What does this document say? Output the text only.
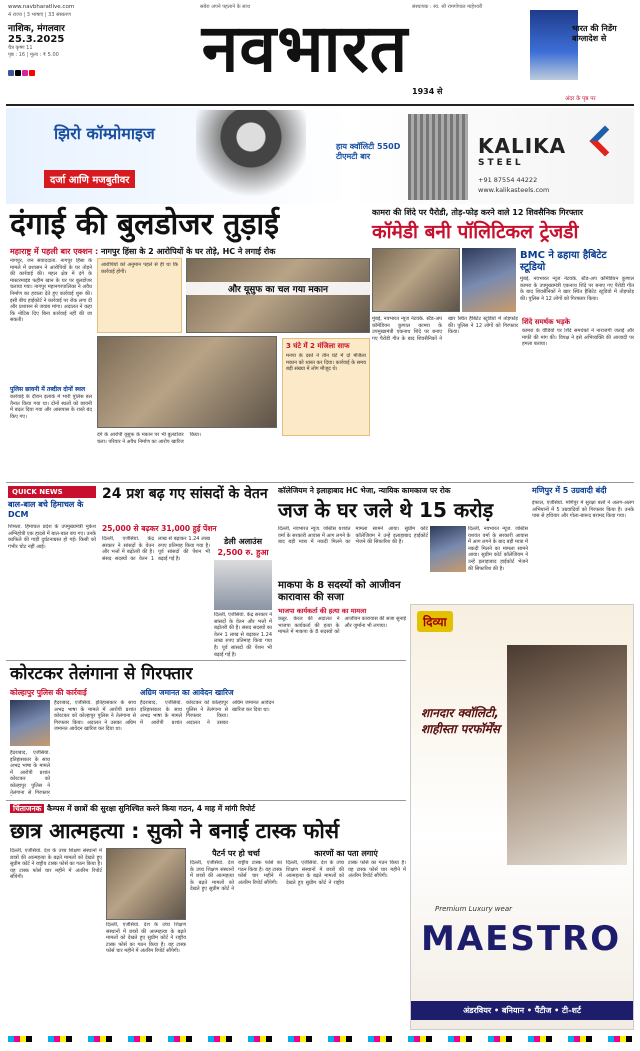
www.navbharatlive.com
4 राज्य | 3 भाषाएं | 33 संस्करण
नाशिक, मंगलवार
25.3.2025
चैत्र कृष्ण 11
पृष्ठ : 16 | मूल्य : ₹ 5.00
सबेरा अपने पहलाने के साथ	संस्थापक : स्व. श्री रामगोपाल माहेश्वरी
नवभारत
1934 से
भारत की निडेंग बांग्लादेश से
अंदर के पृष्ठ पर
झिरो कॉम्प्रोमाइज
दर्जा आणि मजबुतीवर
हाय क्वॉलिटी 550D टीएमटी बार	KALIKA
STEEL
+91 87554 44222
www.kalikasteels.com
दंगाई की बुलडोजर तुड़ाई
महाराष्ट्र में पहली बार एक्शन : नागपुर हिंसा के 2 आरोपियों के घर तोड़े, HC ने लगाई रोक
नागपुर, जन संवाददाता. नागपुर हिंसा के मामले में प्रशासन ने आरोपियों के घर तोड़ने की कार्रवाई की। महल क्षेत्र में दंगे के मास्टरमाइंड फहीम खान के घर पर बुलडोजर चलाया गया। नागपुर महानगरपालिका ने अवैध निर्माण का हवाला देते हुए कार्रवाई शुरू की। इसी बीच हाईकोर्ट ने कार्रवाई पर रोक लगा दी और प्रशासन से जवाब मांगा। अदालत ने कहा कि नोटिस दिए बिना कार्रवाई नहीं की जा सकती।
पुलिस छावनी में तब्दील दोनों स्थल
कार्रवाई के दौरान इलाके में भारी पुलिस बल तैनात किया गया था। दोनों स्थलों को छावनी में बदल दिया गया और आसपास के रास्ते बंद किए गए।
आरोपियों को अनुमान पहले से ही था कि कार्रवाई होगी।
3 घंटे में 2 मंजिला साफ
मनपा के दस्ते ने तीन घंटे में दो मंजिला मकान को ध्वस्त कर दिया। कार्रवाई के समय बड़ी संख्या में लोग मौजूद थे।
और यूसुफ का चल गया मकान
दंगे के आरोपी यूसुफ के मकान पर भी बुलडोजर चला। परिवार ने अवैध निर्माण का आरोप खारिज किया।
कामरा की शिंदे पर पैरोडी, तोड़-फोड़ करने वाले 12 शिवसैनिक गिरफ्तार
कॉमेडी बनी पॉलिटिकल ट्रेजडी
BMC ने ढहाया हैबिटेट स्टूडियो
मुंबई, नवभारत न्यूज नेटवर्क. स्टैंड-अप कॉमेडियन कुणाल कामरा के उपमुख्यमंत्री एकनाथ शिंदे पर बनाए गए पैरोडी गीत के बाद शिवसैनिकों ने खार स्थित हैबिटेट स्टूडियो में तोड़फोड़ की। पुलिस ने 12 लोगों को गिरफ्तार किया।
मुंबई, नवभारत न्यूज नेटवर्क. स्टैंड-अप कॉमेडियन कुणाल कामरा के उपमुख्यमंत्री एकनाथ शिंदे पर बनाए गए पैरोडी गीत के बाद शिवसैनिकों ने खार स्थित हैबिटेट स्टूडियो में तोड़फोड़ की। पुलिस ने 12 लोगों को गिरफ्तार किया।
शिंदे समर्थक भड़के
कामरा के वीडियो पर शिंदे समर्थकों ने नाराजगी जताई और माफी की मांग की। विपक्ष ने इसे अभिव्यक्ति की आजादी पर हमला बताया।
QUICK NEWS
बाल-बाल बचे हिमाचल के DCM
शिमला. हिमाचल प्रदेश के उपमुख्यमंत्री मुकेश अग्निहोत्री एक हादसे में बाल-बाल बच गए। उनके काफिले की गाड़ी दुर्घटनाग्रस्त हो गई। किसी को गंभीर चोट नहीं आई।
24 प्रश बढ़ गए सांसदों के वेतन
25,000 से बढ़कर 31,000 हुई पेंशन
दिल्ली, एजेंसियां. केंद्र सरकार ने सांसदों के वेतन और भत्तों में बढ़ोतरी की है। संसद सदस्यों का वेतन 1 लाख से बढ़ाकर 1.24 लाख रुपए प्रतिमाह किया गया है। पूर्व सांसदों की पेंशन भी बढ़ाई गई है।
डेली अलाउंस
2,500 रु. हुआ
दिल्ली, एजेंसियां. केंद्र सरकार ने सांसदों के वेतन और भत्तों में बढ़ोतरी की है। संसद सदस्यों का वेतन 1 लाख से बढ़ाकर 1.24 लाख रुपए प्रतिमाह किया गया है। पूर्व सांसदों की पेंशन भी बढ़ाई गई है।
कॉलेजियम ने इलाहाबाद HC भेजा, न्यायिक कामकाज पर रोक
जज के घर जले थे 15 करोड़
दिल्ली, नवभारत न्यूज. जस्टिस यशवंत वर्मा के सरकारी आवास में आग लगने के बाद बड़ी मात्रा में नकदी मिलने का मामला सामने आया। सुप्रीम कोर्ट कॉलेजियम ने उन्हें इलाहाबाद हाईकोर्ट भेजने की सिफारिश की है।
दिल्ली, नवभारत न्यूज. जस्टिस यशवंत वर्मा के सरकारी आवास में आग लगने के बाद बड़ी मात्रा में नकदी मिलने का मामला सामने आया। सुप्रीम कोर्ट कॉलेजियम ने उन्हें इलाहाबाद हाईकोर्ट भेजने की सिफारिश की है।
मणिपुर में 5 उग्रवादी बंदी
इंफाल, एजेंसियां. मणिपुर में सुरक्षा बलों ने अलग-अलग अभियानों में 5 उग्रवादियों को गिरफ्तार किया है। उनके पास से हथियार और गोला-बारूद बरामद किया गया।
माकपा के 8 सदस्यों को आजीवन कारावास की सजा
भाजपा कार्यकर्ता की हत्या का मामला
कन्नूर. केरल की अदालत ने भाजपा कार्यकर्ता की हत्या के मामले में माकपा के 8 सदस्यों को आजीवन कारावास की सजा सुनाई और जुर्माना भी लगाया।	दिव्या
शानदार क्वॉलिटी, शाहीस्ता परफॉर्मेंस
Premium Luxury wear
MAESTRO
अंडरवियर • बनियान • पैंटीज • टी-शर्ट
कोरटकर तेलंगाना से गिरफ्तार
कोल्हापुर पुलिस की कार्रवाई	अग्रिम जमानत का आवेदन खारिज
हैदराबाद, एजेंसियां. इतिहासकार के साथ अभद्र भाषा के मामले में आरोपी प्रशांत कोरटकर को कोल्हापुर पुलिस ने तेलंगाना से गिरफ्तार किया। अदालत ने उसका अग्रिम जमानत आवेदन खारिज कर दिया था।
हैदराबाद, एजेंसियां. इतिहासकार के साथ अभद्र भाषा के मामले में आरोपी प्रशांत कोरटकर को कोल्हापुर पुलिस ने तेलंगाना से गिरफ्तार
हैदराबाद, एजेंसियां. इतिहासकार के साथ अभद्र भाषा के मामले में आरोपी प्रशांत कोरटकर को कोल्हापुर पुलिस ने तेलंगाना से गिरफ्तार किया। अदालत ने उसका अग्रिम जमानत आवेदन खारिज कर दिया था।
चिंताजनक कैम्पस में छात्रों की सुरक्षा सुनिश्चित करने किया गठन, 4 माह में मांगी रिपोर्ट
छात्र आत्महत्या : सुको ने बनाई टास्क फोर्स
दिल्ली, एजेंसियां. देश के उच्च शिक्षण संस्थानों में छात्रों की आत्महत्या के बढ़ते मामलों को देखते हुए सुप्रीम कोर्ट ने राष्ट्रीय टास्क फोर्स का गठन किया है। यह टास्क फोर्स चार महीने में अंतरिम रिपोर्ट सौंपेगी।
दिल्ली, एजेंसियां. देश के उच्च शिक्षण संस्थानों में छात्रों की आत्महत्या के बढ़ते मामलों को देखते हुए सुप्रीम कोर्ट ने राष्ट्रीय टास्क फोर्स का गठन किया है। यह टास्क फोर्स चार महीने में अंतरिम रिपोर्ट सौंपेगी।
पैटर्न पर हो चर्चा
दिल्ली, एजेंसियां. देश के उच्च शिक्षण संस्थानों में छात्रों की आत्महत्या के बढ़ते मामलों को देखते हुए सुप्रीम कोर्ट ने राष्ट्रीय टास्क फोर्स का गठन किया है। यह टास्क फोर्स चार महीने में अंतरिम रिपोर्ट सौंपेगी।
कारणों का पता लगाएं
दिल्ली, एजेंसियां. देश के उच्च शिक्षण संस्थानों में छात्रों की आत्महत्या के बढ़ते मामलों को देखते हुए सुप्रीम कोर्ट ने राष्ट्रीय टास्क फोर्स का गठन किया है। यह टास्क फोर्स चार महीने में अंतरिम रिपोर्ट सौंपेगी।
